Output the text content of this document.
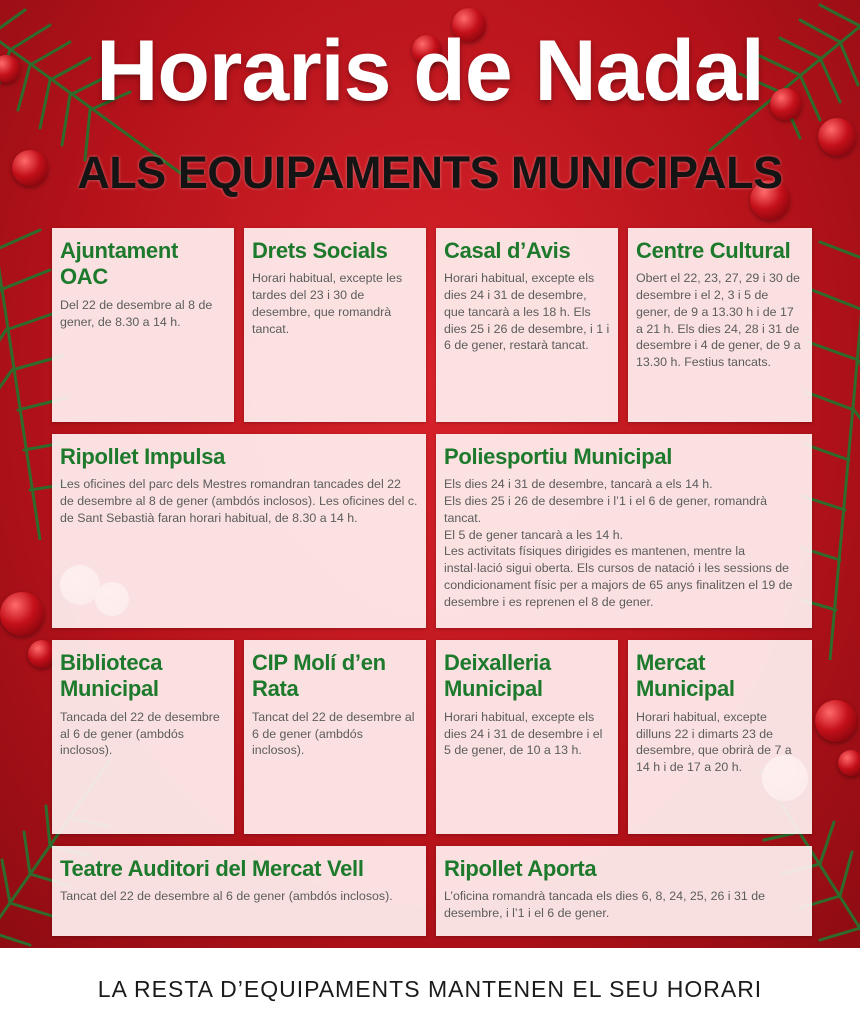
Horaris de Nadal
ALS EQUIPAMENTS MUNICIPALS
Ajuntament OAC

Del 22 de desembre al 8 de gener, de 8.30 a 14 h.

Drets Socials

Horari habitual, excepte les tardes del 23 i 30 de desembre, que romandrà tancat.

Casal d’Avis

Horari habitual, excepte els dies 24 i 31 de desembre, que tancarà a les 18 h. Els dies 25 i 26 de desembre, i 1 i 6 de gener, restarà tancat.

Centre Cultural

Obert el 22, 23, 27, 29 i 30 de desembre i el 2, 3 i 5 de gener, de 9 a 13.30 h i de 17 a 21 h. Els dies 24, 28 i 31 de desembre i 4 de gener, de 9 a 13.30 h. Festius tancats.

Ripollet Impulsa

Les oficines del parc dels Mestres romandran tancades del 22 de desembre al 8 de gener (ambdós inclosos). Les oficines del c. de Sant Sebastià faran horari habitual, de 8.30 a 14 h.

Poliesportiu Municipal

Els dies 24 i 31 de desembre, tancarà a els 14 h.

Els dies 25 i 26 de desembre i l’1 i el 6 de gener, romandrà tancat.

El 5 de gener tancarà a les 14 h.

Les activitats físiques dirigides es mantenen, mentre la instal·lació sigui oberta. Els cursos de natació i les sessions de condicionament físic per a majors de 65 anys finalitzen el 19 de desembre i es reprenen el 8 de gener.

Biblioteca Municipal

Tancada del 22 de desembre al 6 de gener (ambdós inclosos).

CIP Molí d’en Rata

Tancat del 22 de desembre al 6 de gener (ambdós inclosos).

Deixalleria Municipal

Horari habitual, excepte els dies 24 i 31 de desembre i el 5 de gener, de 10 a 13 h.

Mercat Municipal

Horari habitual, excepte dilluns 22 i dimarts 23 de desembre, que obrirà de 7 a 14 h i de 17 a 20 h.

Teatre Auditori del Mercat Vell

Tancat del 22 de desembre al 6 de gener (ambdós inclosos).

Ripollet Aporta

L’oficina romandrà tancada els dies 6, 8, 24, 25, 26 i 31 de desembre, i l’1 i el 6 de gener.

LA RESTA D’EQUIPAMENTS MANTENEN EL SEU HORARI
